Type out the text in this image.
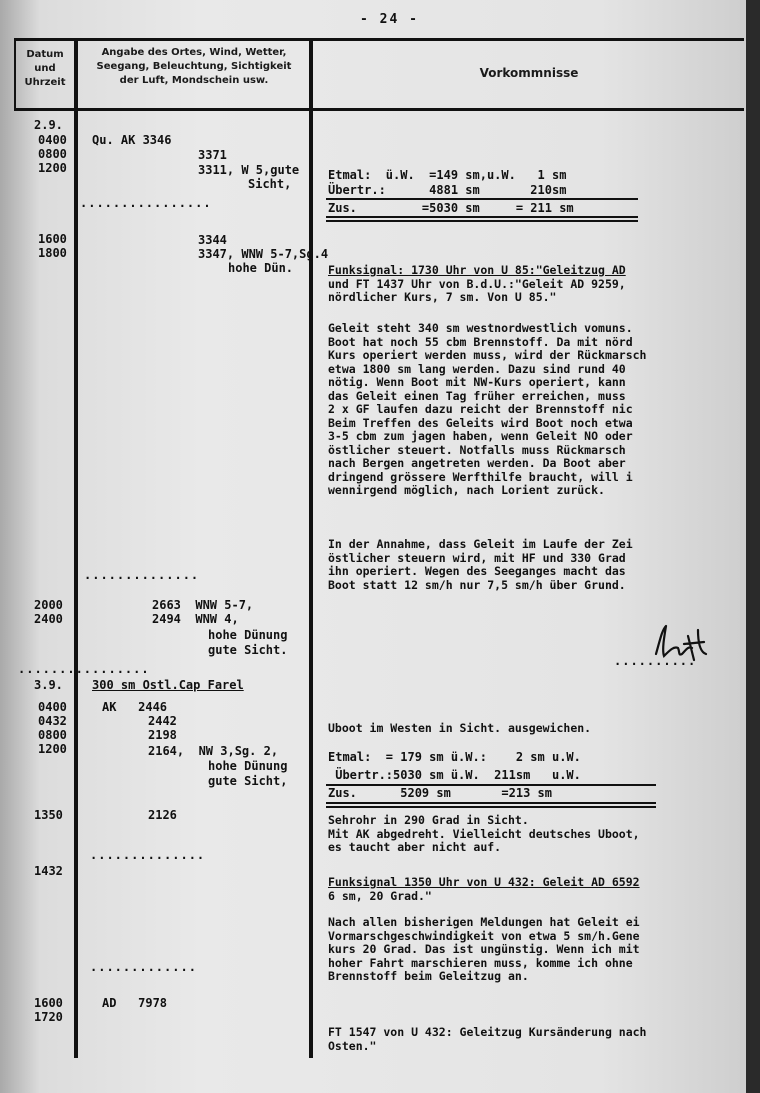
- 24 -
Datum
und
Uhrzeit
Angabe des Ortes, Wind, Wetter,
Seegang, Beleuchtung, Sichtigkeit
der Luft, Mondschein usw.
Vorkommnisse
2.9.
0400
0800
1200
1600
1800
2000
2400
3.9.
0400
0432
0800
1200
1350
1432
1600
1720
Qu. AK 3346
3371
3311, W 5,gute
Sicht,
3344
3347, WNW 5-7,Sg.4
hohe Dün.
2663  WNW 5-7,
2494  WNW 4,
hohe Dünung
gute Sicht.
300 sm Ostl.Cap Farel
AK   2446
2442
2198
2164,  NW 3,Sg. 2,
hohe Dünung
gute Sicht,
2126
AD   7978
................
..............
................
..............
.............
Etmal:  ü.W.  =149 sm,u.W.   1 sm
Übertr.:      4881 sm       210sm
Zus.         =5030 sm     = 211 sm
Funksignal: 1730 Uhr von U 85:"Geleitzug AD
und FT 1437 Uhr von B.d.U.:"Geleit AD 9259,
nördlicher Kurs, 7 sm. Von U 85."
Geleit steht 340 sm westnordwestlich vomuns.
Boot hat noch 55 cbm Brennstoff. Da mit nörd
Kurs operiert werden muss, wird der Rückmarsch
etwa 1800 sm lang werden. Dazu sind rund 40
nötig. Wenn Boot mit NW-Kurs operiert, kann
das Geleit einen Tag früher erreichen, muss
2 x GF laufen dazu reicht der Brennstoff nic
Beim Treffen des Geleits wird Boot noch etwa
3-5 cbm zum jagen haben, wenn Geleit NO oder
östlicher steuert. Notfalls muss Rückmarsch
nach Bergen angetreten werden. Da Boot aber
dringend grössere Werfthilfe braucht, will i
wennirgend möglich, nach Lorient zurück.
In der Annahme, dass Geleit im Laufe der Zei
östlicher steuern wird, mit HF und 330 Grad
ihn operiert. Wegen des Seeganges macht das
Boot statt 12 sm/h nur 7,5 sm/h über Grund.
..........
Uboot im Westen in Sicht. ausgewichen.
Etmal:  = 179 sm ü.W.:    2 sm u.W.
Übertr.:5030 sm ü.W.  211sm   u.W.
Zus.      5209 sm       =213 sm
Sehrohr in 290 Grad in Sicht.
Mit AK abgedreht. Vielleicht deutsches Uboot,
es taucht aber nicht auf.
Funksignal 1350 Uhr von U 432: Geleit AD 6592
6 sm, 20 Grad."
Nach allen bisherigen Meldungen hat Geleit ei
Vormarschgeschwindigkeit von etwa 5 sm/h.Gene
kurs 20 Grad. Das ist ungünstig. Wenn ich mit
hoher Fahrt marschieren muss, komme ich ohne
Brennstoff beim Geleitzug an.
FT 1547 von U 432: Geleitzug Kursänderung nach
Osten."
